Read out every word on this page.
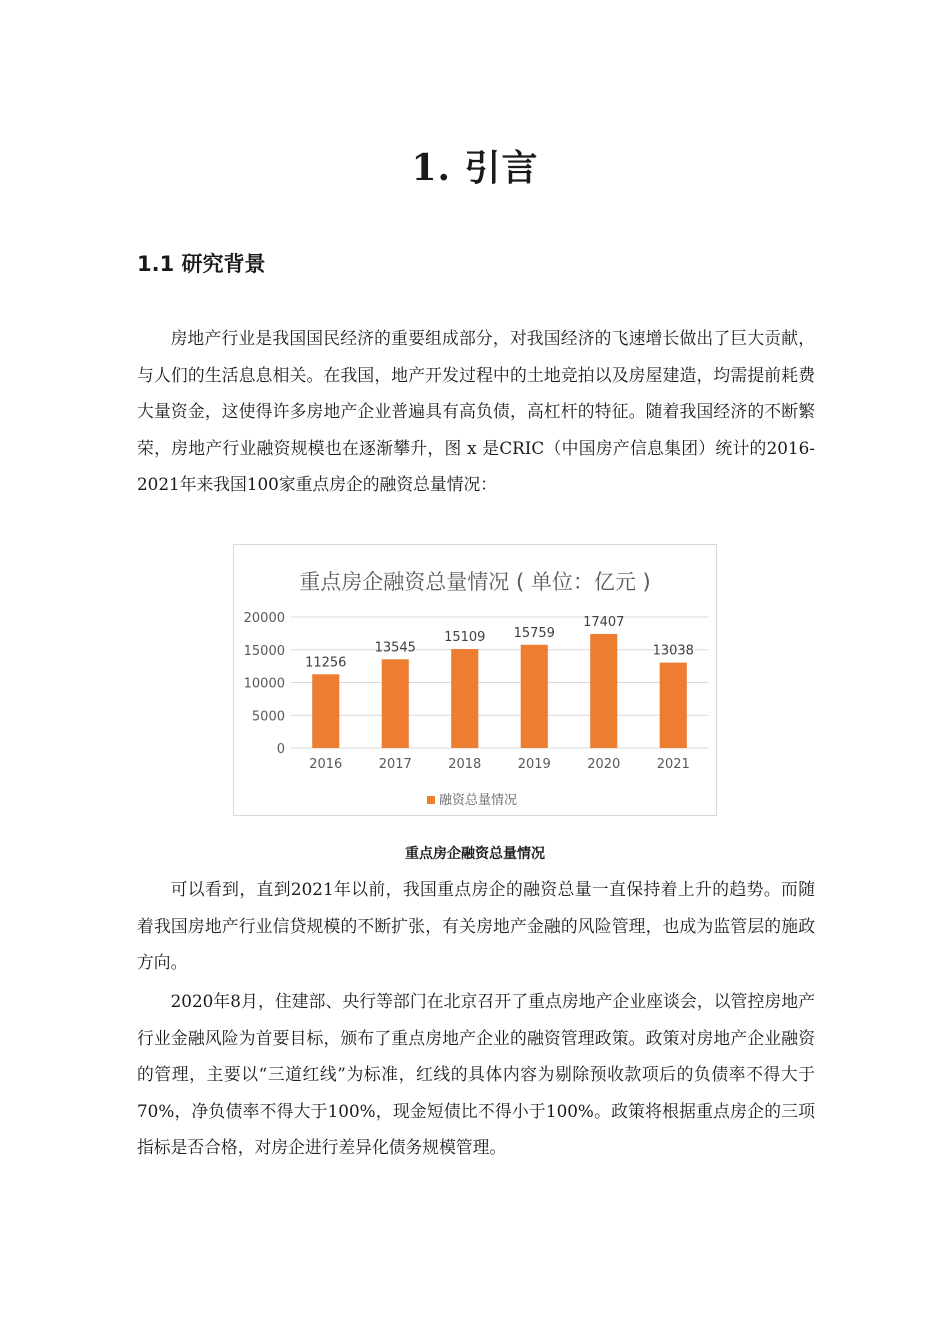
1. 引言
1.1 研究背景

房地产行业是我国国民经济的重要组成部分，对我国经济的飞速增长做出了巨大贡献，与人们的生活息息相关。在我国，地产开发过程中的土地竞拍以及房屋建造，均需提前耗费大量资金，这使得许多房地产企业普遍具有高负债，高杠杆的特征。随着我国经济的不断繁荣，房地产行业融资规模也在逐渐攀升，图 x 是CRIC（中国房产信息集团）统计的2016-2021年来我国100家重点房企的融资总量情况：

重点房企融资总量情况 ( 单位：亿元 )
0
5000
10000
15000
20000
2016	2017	2018	2019	2020	2021
11256
13545
15109 15759
17407
13038
融资总量情况
重点房企融资总量情况

可以看到，直到2021年以前，我国重点房企的融资总量一直保持着上升的趋势。而随着我国房地产行业信贷规模的不断扩张，有关房地产金融的风险管理，也成为监管层的施政方向。

2020年8月，住建部、央行等部门在北京召开了重点房地产企业座谈会，以管控房地产行业金融风险为首要目标，颁布了重点房地产企业的融资管理政策。政策对房地产企业融资的管理，主要以“三道红线”为标准，红线的具体内容为剔除预收款项后的负债率不得大于70%，净负债率不得大于100%，现金短债比不得小于100%。政策将根据重点房企的三项指标是否合格，对房企进行差异化债务规模管理。
